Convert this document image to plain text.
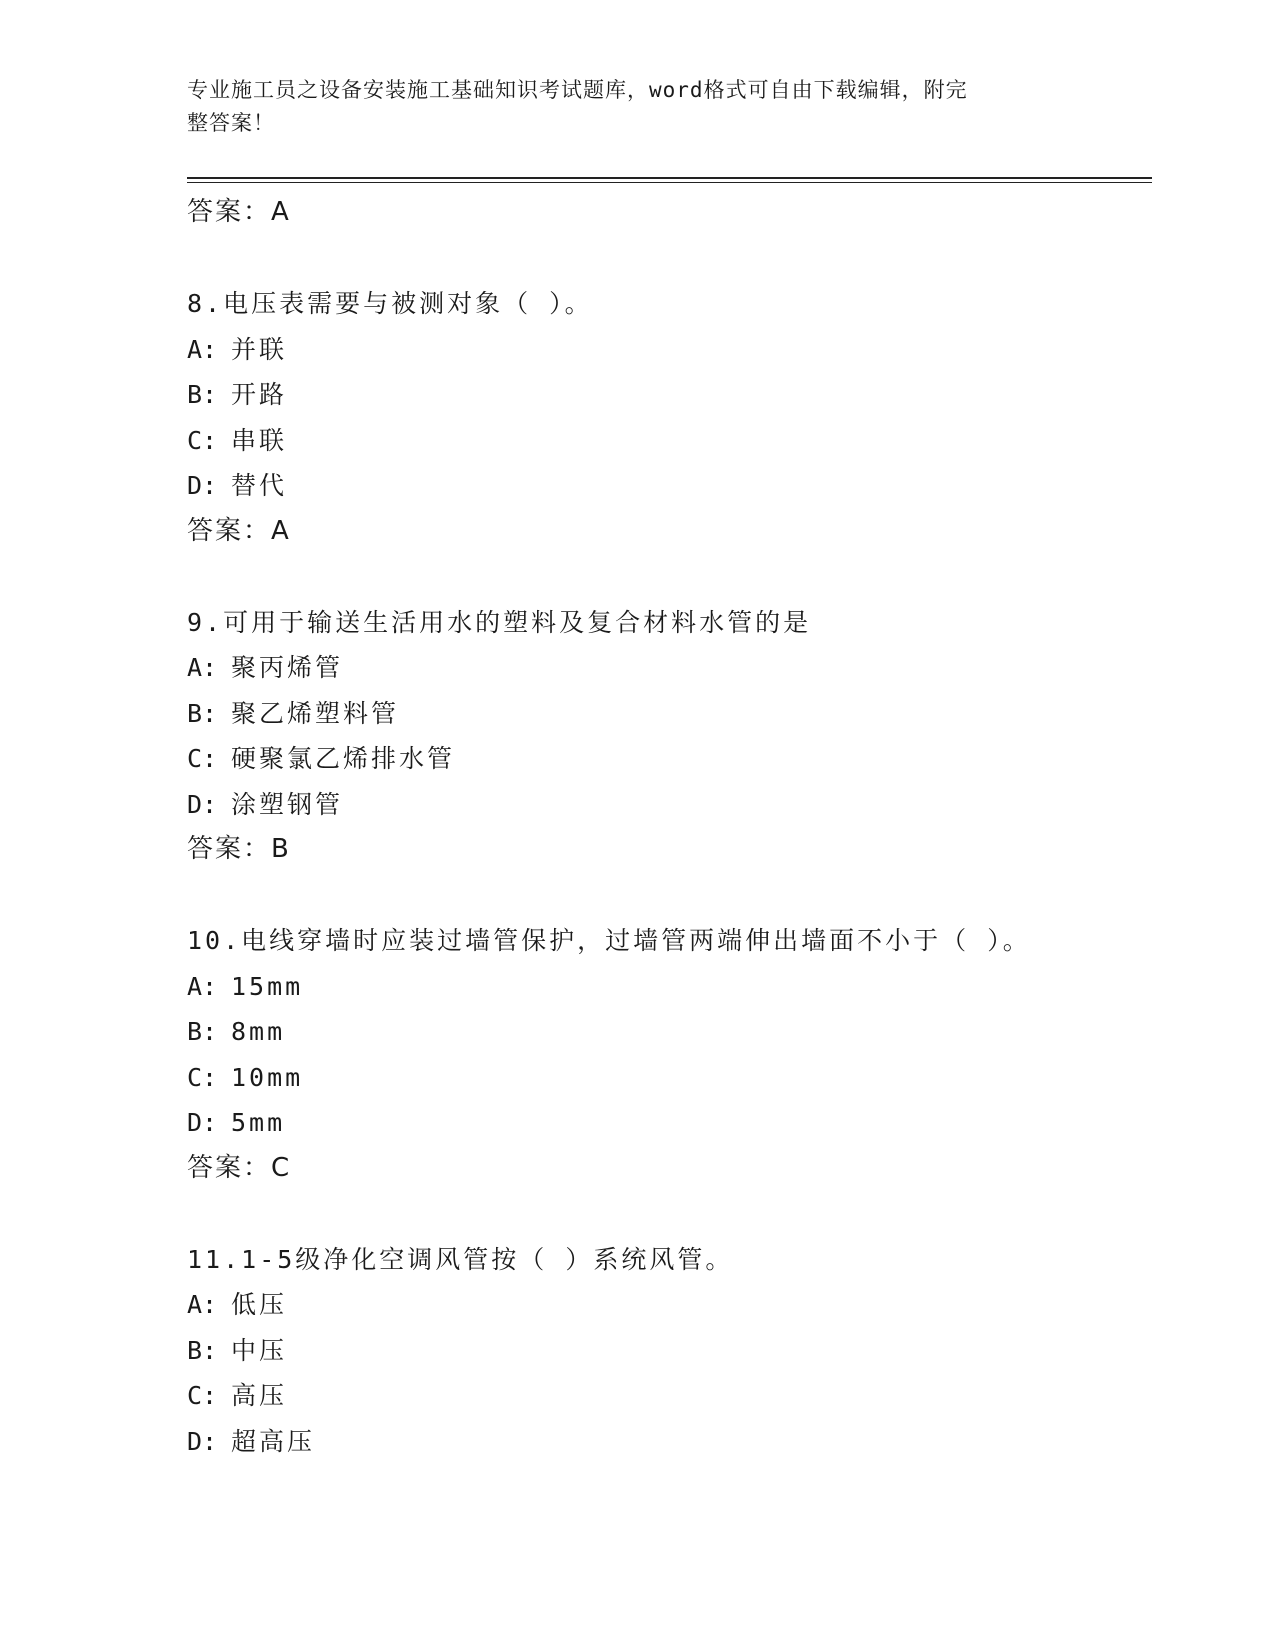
专业施工员之设备安装施工基础知识考试题库，word格式可自由下载编辑，附完
整答案！
答案：A
8.电压表需要与被测对象（ ）。
A: 并联
B: 开路
C: 串联
D: 替代
答案：A
9.可用于输送生活用水的塑料及复合材料水管的是
A: 聚丙烯管
B: 聚乙烯塑料管
C: 硬聚氯乙烯排水管
D: 涂塑钢管
答案：B
10.电线穿墙时应装过墙管保护，过墙管两端伸出墙面不小于（ ）。
A: 15mm
B: 8mm
C: 10mm
D: 5mm
答案：C
11.1-5级净化空调风管按（ ）系统风管。
A: 低压
B: 中压
C: 高压
D: 超高压
